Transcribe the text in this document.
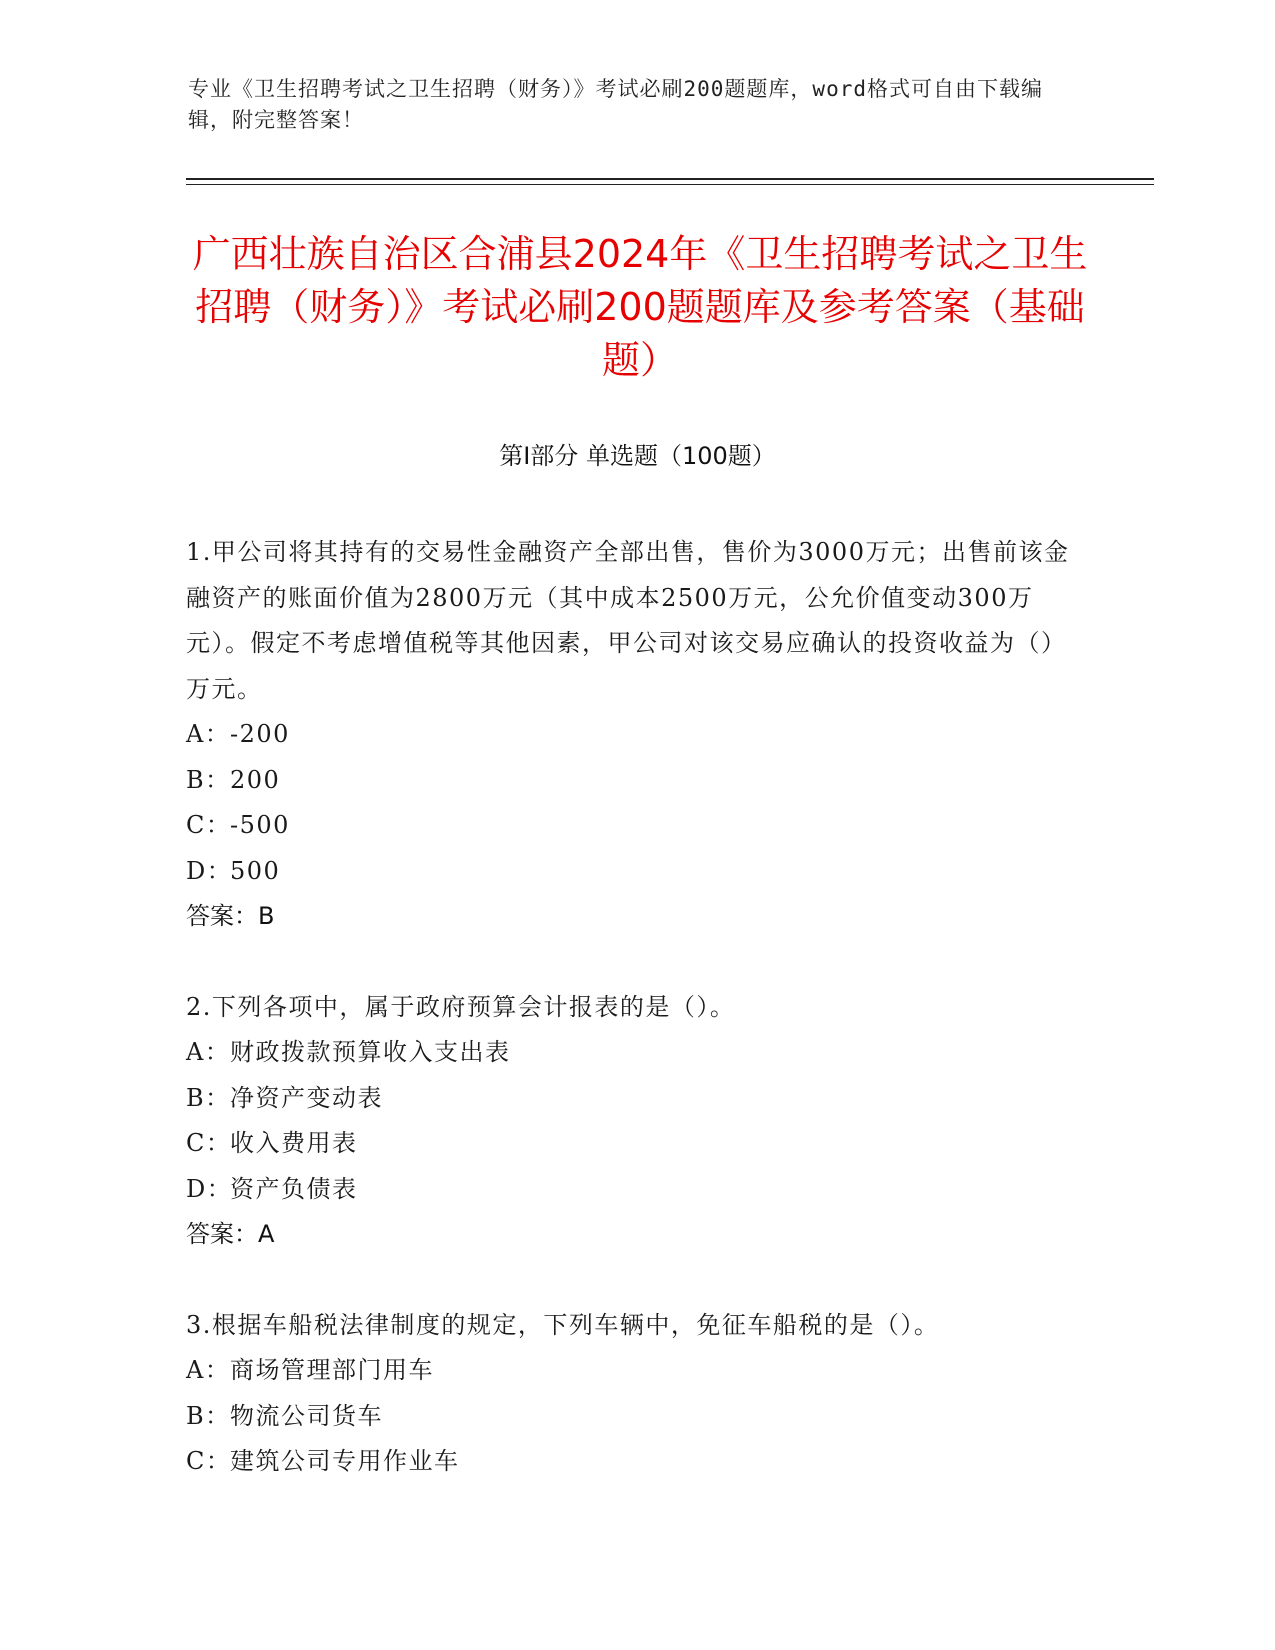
专业《卫生招聘考试之卫生招聘（财务）》考试必刷200题题库，word格式可自由下载编辑，附完整答案！
广西壮族自治区合浦县2024年《卫生招聘考试之卫生招聘（财务）》考试必刷200题题库及参考答案（基础题）
第I部分 单选题（100题）

1.甲公司将其持有的交易性金融资产全部出售，售价为3000万元；出售前该金融资产的账面价值为2800万元（其中成本2500万元，公允价值变动300万元）。假定不考虑增值税等其他因素，甲公司对该交易应确认的投资收益为（）万元。

A：-200

B：200

C：-500

D：500

答案：B

2.下列各项中，属于政府预算会计报表的是（）。

A：财政拨款预算收入支出表

B：净资产变动表

C：收入费用表

D：资产负债表

答案：A

3.根据车船税法律制度的规定，下列车辆中，免征车船税的是（）。

A：商场管理部门用车

B：物流公司货车

C：建筑公司专用作业车
